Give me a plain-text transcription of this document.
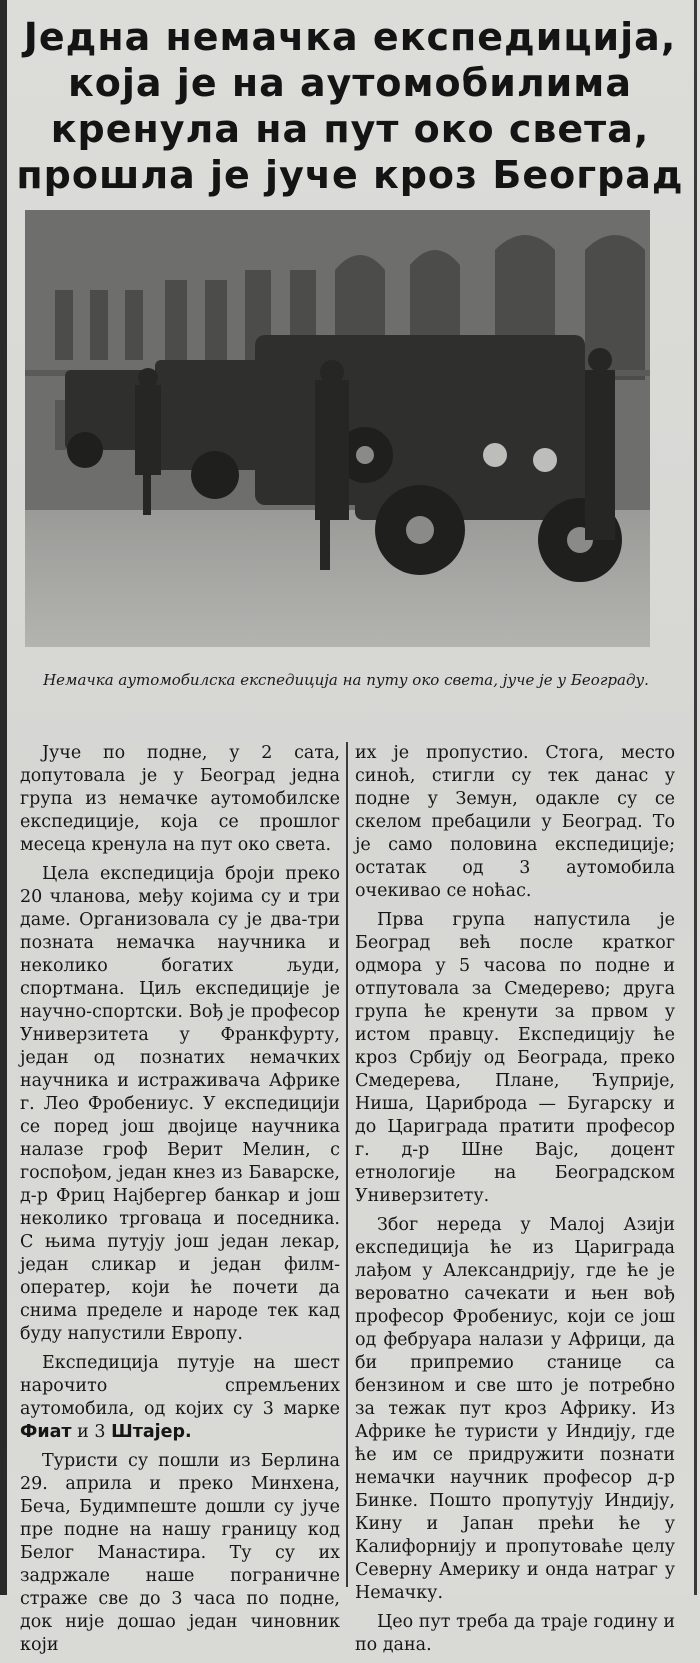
Једна немачка експедиција,
која је на аутомобилима
кренула на пут око света,
прошла је јуче кроз Београд
Немачка аутомобилска експедиција на путу око света, јуче је у Београду.

Јуче по подне, у 2 сата, допутовала је у Београд једна група из немачке аутомобилске експедиције, која се прошлог месеца кренула на пут око света.

Цела експедиција броји преко 20 чланова, међу којима су и три даме. Организовала су је два-три позната немачка научника и неколико богатих људи, спортмана. Циљ експедиције је научно-спортски. Вођ је професор Универзитета у Франкфурту, један од познатих немачких научника и истраживача Африке г. Лео Фробениус. У експедицији се поред још двојице научника налазе гроф Верит Мелин, с госпођом, један кнез из Баварске, д-р Фриц Најбергер банкар и још неколико трговаца и поседника. С њима путују још један лекар, један сликар и један филм-оператер, који ће почети да снима пределе и народе тек кад буду напустили Европу.

Експедиција путује на шест нарочито спремљених аутомобила, од којих су 3 марке Фиат и 3 Штајер.

Туристи су пошли из Берлина 29. априла и преко Минхена, Беча, Будимпеште дошли су јуче пре подне на нашу границу код Белог Манастира. Ту су их задржале наше пограничне страже све до 3 часа по подне, док није дошао један чиновник који

их је пропустио. Стога, место синоћ, стигли су тек данас у подне у Земун, одакле су се скелом пребацили у Београд. То је само половина експедиције; остатак од 3 аутомобила очекивао се ноћас.

Прва група напустила је Београд већ после кратког одмора у 5 часова по подне и отпутовала за Смедерево; друга група ће кренути за првом у истом правцу. Експедицију ће кроз Србију од Београда, преко Смедерева, Плане, Ћуприје, Ниша, Цариброда — Бугарску и до Цариграда пратити професор г. д-р Шне Вајс, доцент етнологије на Београдском Универзитету.

Због нереда у Малој Азији експедиција ће из Цариграда лађом у Александрију, где ће је вероватно сачекати и њен вођ професор Фробениус, који се још од фебруара налази у Африци, да би припремио станице са бензином и све што је потребно за тежак пут кроз Африку. Из Африке ће туристи у Индију, где ће им се придружити познати немачки научник професор д-р Бинке. Пошто пропутују Индију, Кину и Јапан прећи ће у Калифорнију и пропутоваће целу Северну Америку и онда натраг у Немачку.

Цео пут треба да траје годину и по дана.
